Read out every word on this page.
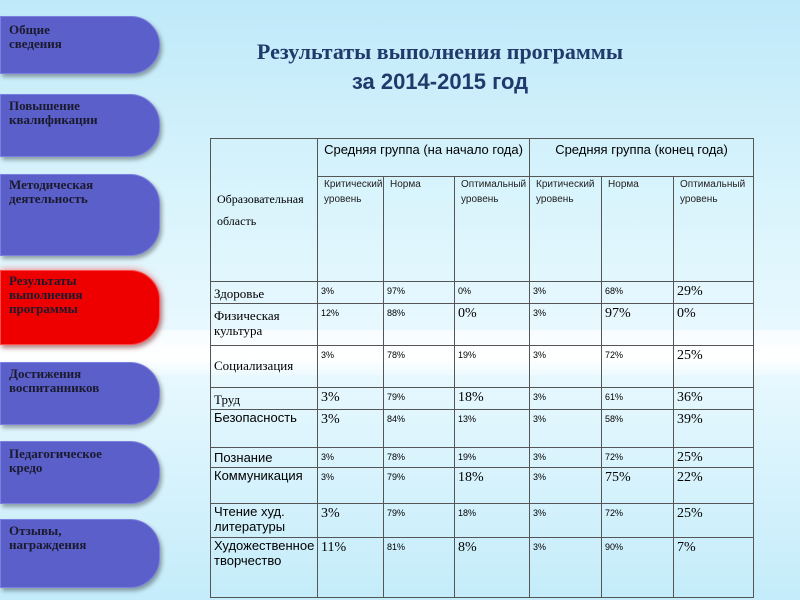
Общие
сведения
Повышение
квалификации
Методическая
деятельность
Результаты
выполнения
программы
Достижения
воспитанников
Педагогическое
кредо
Отзывы,
награждения
Результаты выполнения программы
за 2014-2015 год
Образовательная область	Средняя группа (на начало года)			Средняя группа (конец года)		
	Критический уровень	Норма	Оптимальный уровень	Критический уровень	Норма	Оптимальный уровень
Здоровье	3%	97%	0%	3%	68%	29%
Физическая культура	12%	88%	0%	3%	97%	0%
Социализация	3%	78%	19%	3%	72%	25%
Труд	3%	79%	18%	3%	61%	36%
Безопасность	3%	84%	13%	3%	58%	39%
Познание	3%	78%	19%	3%	72%	25%
Коммуникация	3%	79%	18%	3%	75%	22%
Чтение худ. литературы	3%	79%	18%	3%	72%	25%
Художественное творчество	11%	81%	8%	3%	90%	7%
